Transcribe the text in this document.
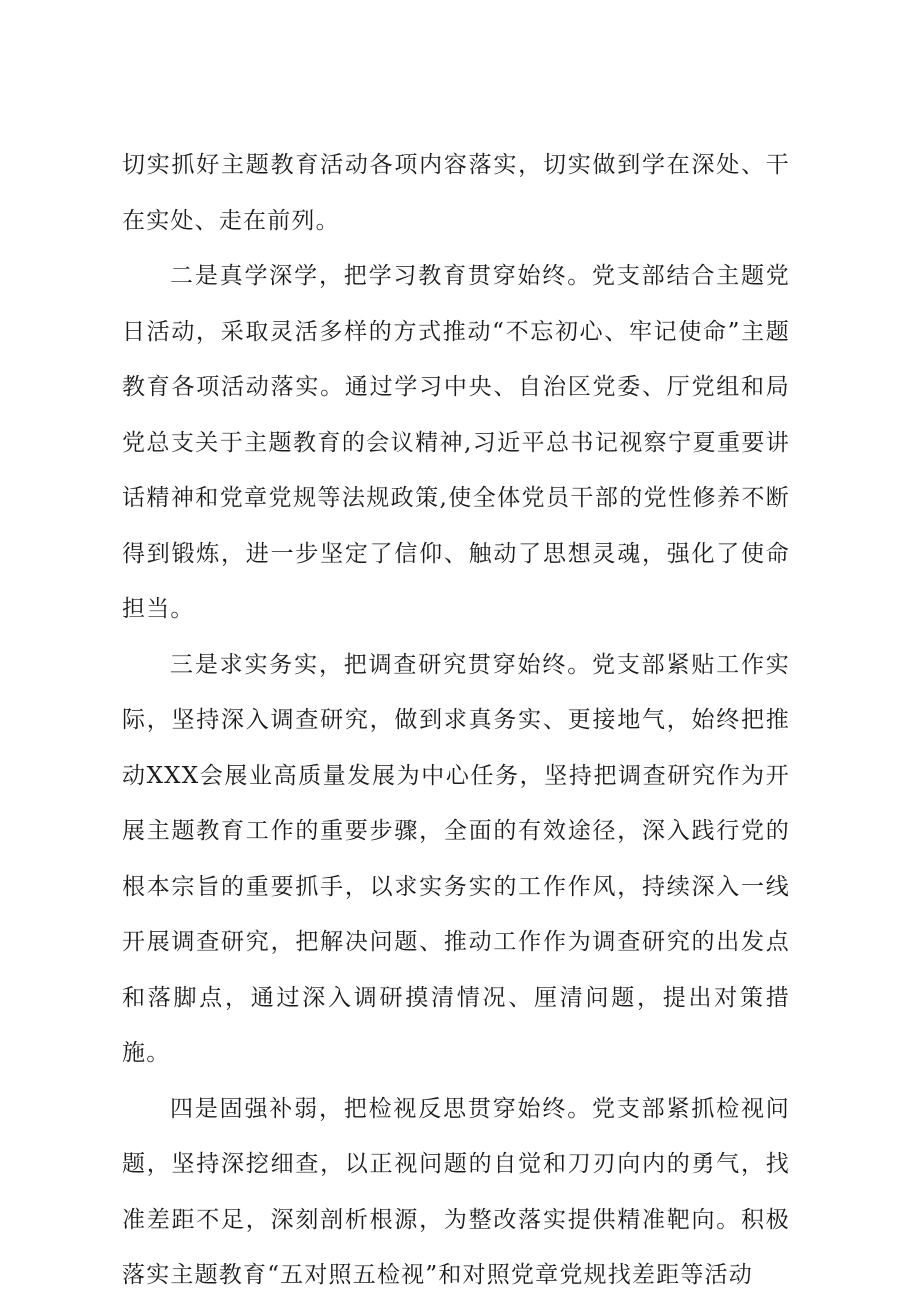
切实抓好主题教育活动各项内容落实，切实做到学在深处、干在实处、走在前列。

二是真学深学，把学习教育贯穿始终。党支部结合主题党日活动，采取灵活多样的方式推动“不忘初心、牢记使命”主题教育各项活动落实。通过学习中央、自治区党委、厅党组和局党总支关于主题教育的会议精神,习近平总书记视察宁夏重要讲话精神和党章党规等法规政策,使全体党员干部的党性修养不断得到锻炼，进一步坚定了信仰、触动了思想灵魂，强化了使命担当。

三是求实务实，把调查研究贯穿始终。党支部紧贴工作实际，坚持深入调查研究，做到求真务实、更接地气，始终把推动XXX会展业高质量发展为中心任务，坚持把调查研究作为开展主题教育工作的重要步骤，全面的有效途径，深入践行党的根本宗旨的重要抓手，以求实务实的工作作风，持续深入一线开展调查研究，把解决问题、推动工作作为调查研究的出发点和落脚点，通过深入调研摸清情况、厘清问题，提出对策措施。

四是固强补弱，把检视反思贯穿始终。党支部紧抓检视问题，坚持深挖细查，以正视问题的自觉和刀刃向内的勇气，找准差距不足，深刻剖析根源，为整改落实提供精准靶向。积极落实主题教育“五对照五检视”和对照党章党规找差距等活动
